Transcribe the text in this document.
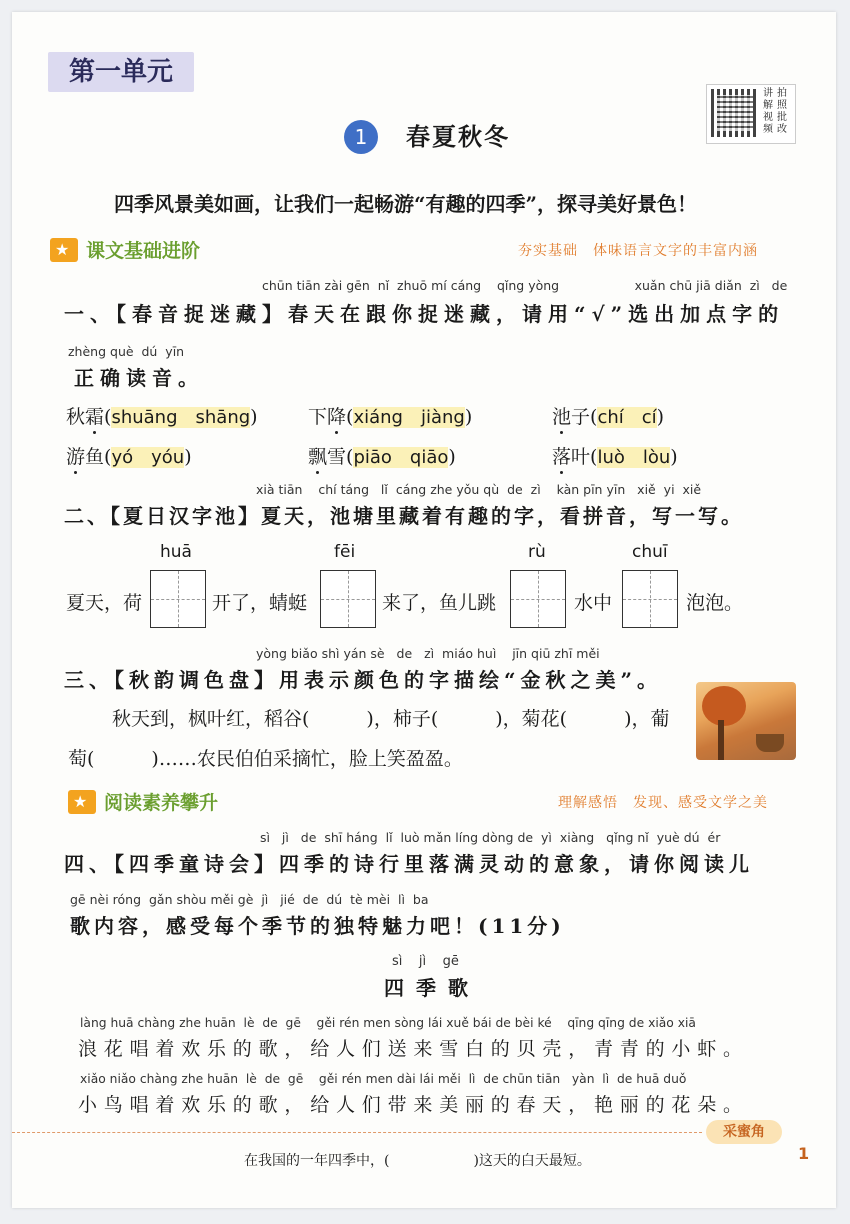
第一单元
讲解视频
拍照批改
1	春夏秋冬
四季风景美如画，让我们一起畅游“有趣的四季”，探寻美好景色！
★
课文基础进阶	夯实基础　体味语言文字的丰富内涵
chūn tiān zài gēn  nǐ  zhuō mí cáng    qǐng yòng                   xuǎn chū jiā diǎn  zì   de
一、【春音捉迷藏】春天在跟你捉迷藏，请用“√”选出加点字的
zhèng què  dú  yīn
正确读音。
秋霜(shuāng　shāng)	下降(xiáng　jiàng)	池子(chí　cí)
游鱼(yó　yóu)	飘雪(piāo　qiāo)	落叶(luò　lòu)
xià tiān    chí táng   lǐ  cáng zhe yǒu qù  de  zì    kàn pīn yīn   xiě  yi  xiě
二、【夏日汉字池】夏天，池塘里藏着有趣的字，看拼音，写一写。
huā	fēi	rù	chuī
夏天，荷	开了，蜻蜓	来了，鱼儿跳	水中	泡泡。
yòng biǎo shì yán sè   de   zì  miáo huì    jīn qiū zhī měi
三、【秋韵调色盘】用表示颜色的字描绘“金秋之美”。
秋天到，枫叶红，稻谷(　　　)，柿子(　　　)，菊花(　　　)，葡
萄(　　　)……农民伯伯采摘忙，脸上笑盈盈。
★
阅读素养攀升	理解感悟　发现、感受文学之美
sì   jì   de  shī háng  lǐ  luò mǎn líng dòng de  yì  xiàng   qǐng nǐ  yuè dú  ér
四、【四季童诗会】四季的诗行里落满灵动的意象，请你阅读儿
gē nèi róng  gǎn shòu měi gè  jì   jié  de  dú  tè mèi  lì  ba
歌内容，感受每个季节的独特魅力吧！(11分)
sì    jì    gē
四季歌
làng huā chàng zhe huān  lè  de  gē    gěi rén men sòng lái xuě bái de bèi ké    qīng qīng de xiǎo xiā
浪花唱着欢乐的歌，给人们送来雪白的贝壳，青青的小虾。
xiǎo niǎo chàng zhe huān  lè  de  gē    gěi rén men dài lái měi  lì  de chūn tiān   yàn  lì  de huā duǒ
小鸟唱着欢乐的歌，给人们带来美丽的春天，艳丽的花朵。
采蜜角
在我国的一年四季中，(　　　　　　)这天的白天最短。	1
